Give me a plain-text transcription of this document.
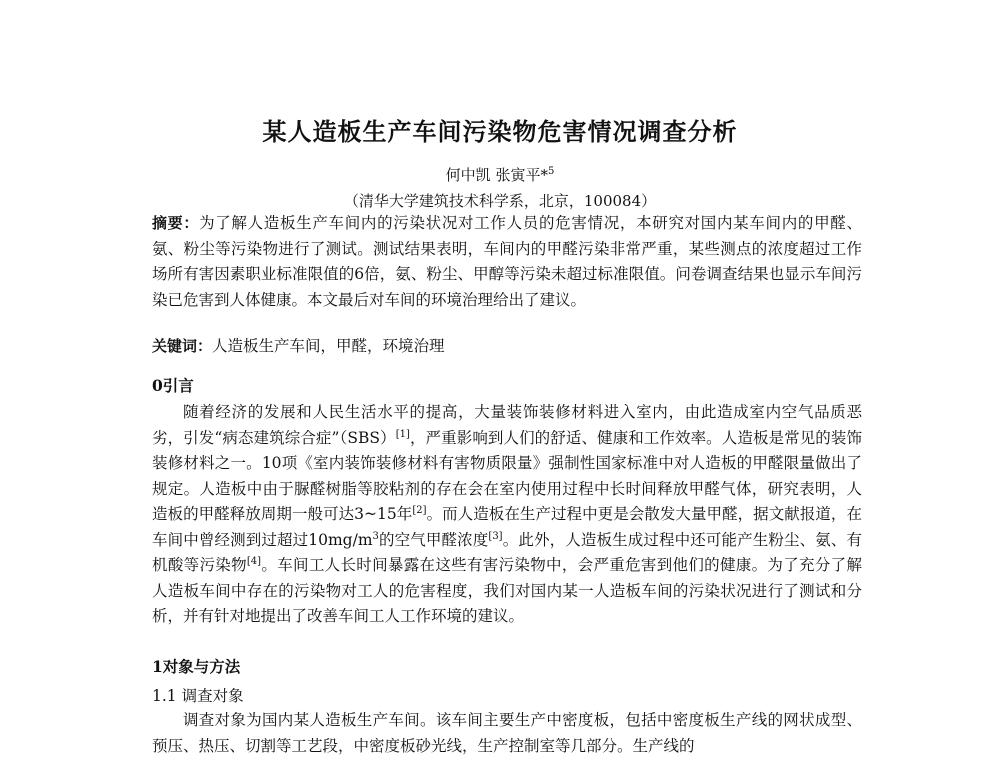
某人造板生产车间污染物危害情况调查分析
何中凯 张寅平*$^5$
（清华大学建筑技术科学系，北京，100084）
摘要：为了解人造板生产车间内的污染状况对工作人员的危害情况，本研究对国内某车间内的甲醛、氨、粉尘等污染物进行了测试。测试结果表明，车间内的甲醛污染非常严重，某些测点的浓度超过工作场所有害因素职业标准限值的6倍，氨、粉尘、甲醇等污染未超过标准限值。问卷调查结果也显示车间污染已危害到人体健康。本文最后对车间的环境治理给出了建议。
关键词：人造板生产车间，甲醛，环境治理
0引言
随着经济的发展和人民生活水平的提高，大量装饰装修材料进入室内，由此造成室内空气品质恶劣，引发“病态建筑综合症”（SBS）[1]，严重影响到人们的舒适、健康和工作效率。人造板是常见的装饰装修材料之一。10项《室内装饰装修材料有害物质限量》强制性国家标准中对人造板的甲醛限量做出了规定。人造板中由于脲醛树脂等胶粘剂的存在会在室内使用过程中长时间释放甲醛气体，研究表明，人造板的甲醛释放周期一般可达3~15年[2]。而人造板在生产过程中更是会散发大量甲醛，据文献报道，在车间中曾经测到过超过$10mg/m^3$的空气甲醛浓度[3]。此外，人造板生成过程中还可能产生粉尘、氨、有机酸等污染物[4]。车间工人长时间暴露在这些有害污染物中，会严重危害到他们的健康。为了充分了解人造板车间中存在的污染物对工人的危害程度，我们对国内某一人造板车间的污染状况进行了测试和分析，并有针对地提出了改善车间工人工作环境的建议。
1对象与方法
1.1 调查对象
调查对象为国内某人造板生产车间。该车间主要生产中密度板，包括中密度板生产线的网状成型、预压、热压、切割等工艺段，中密度板砂光线，生产控制室等几部分。生产线的
